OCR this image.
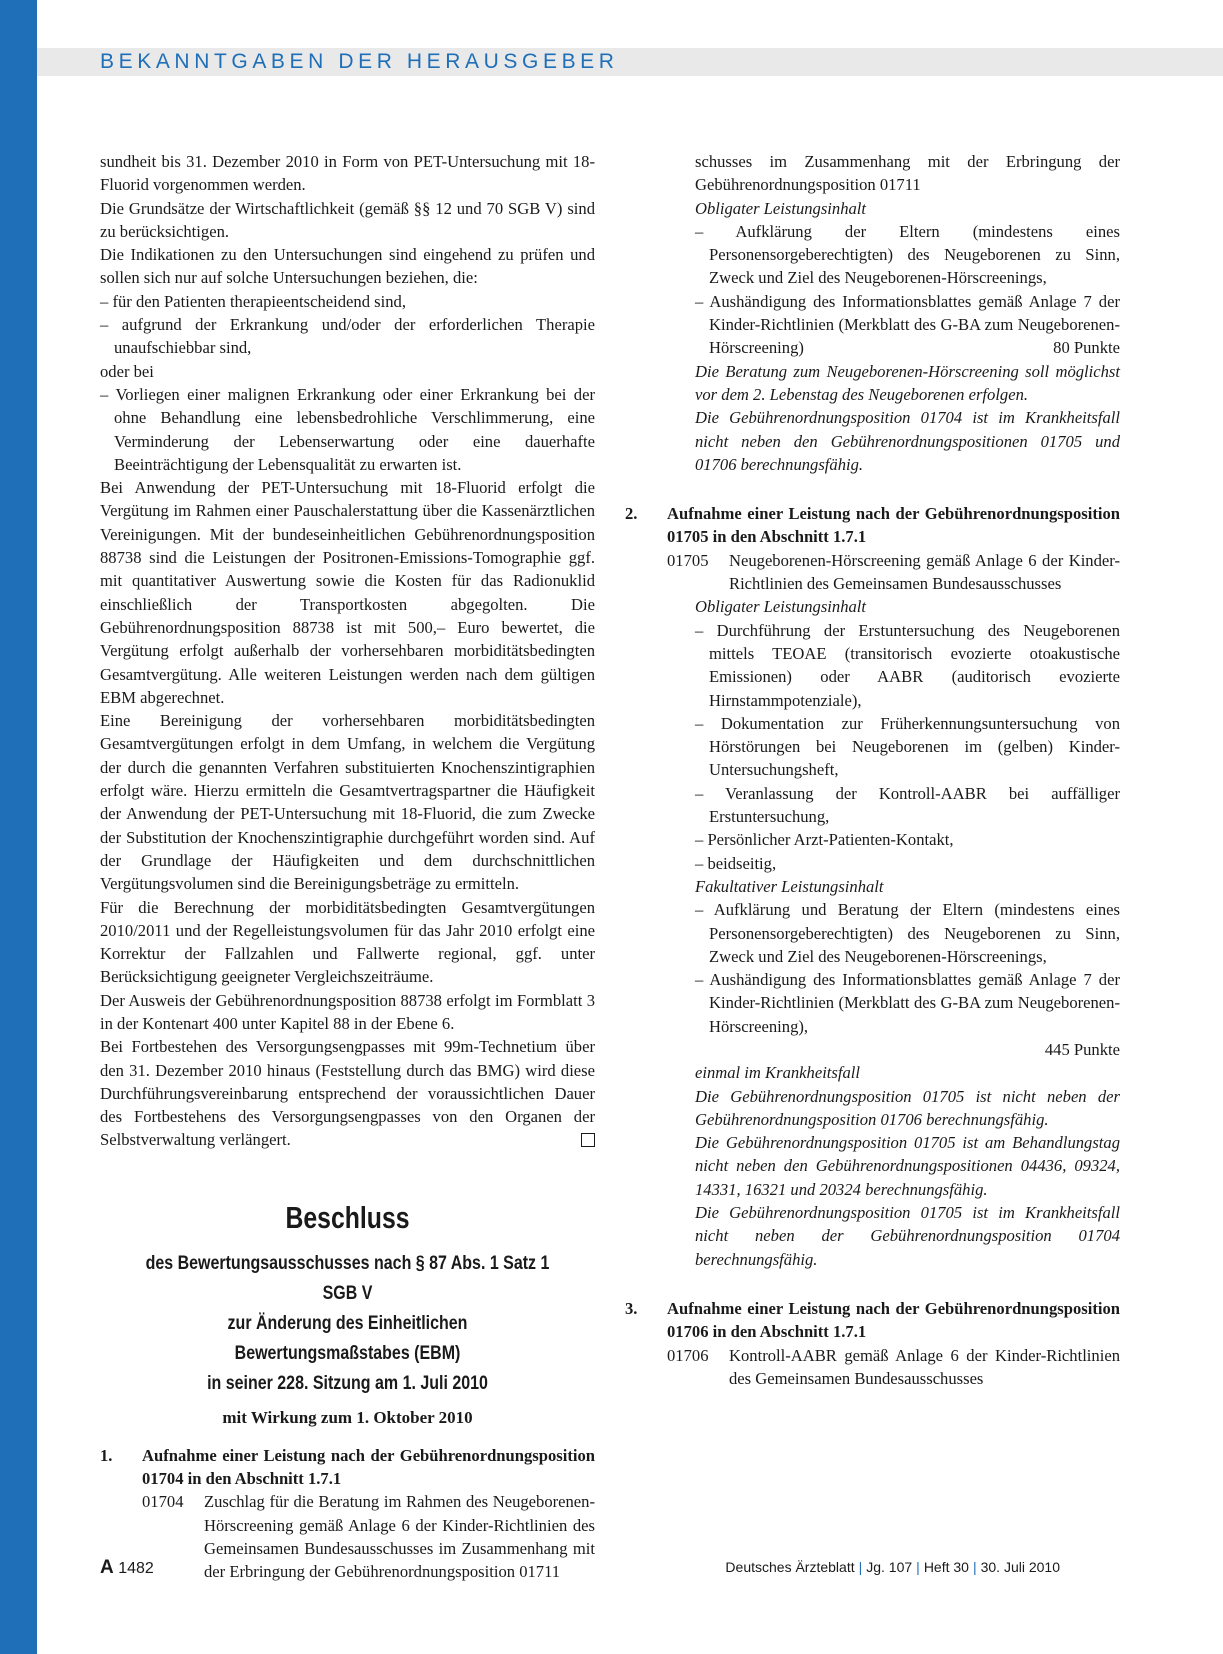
BEKANNTGABEN DER HERAUSGEBER

sundheit bis 31. Dezember 2010 in Form von PET-Untersuchung mit 18-Fluorid vorgenommen werden.

Die Grundsätze der Wirtschaftlichkeit (gemäß §§ 12 und 70 SGB V) sind zu berücksichtigen.

Die Indikationen zu den Untersuchungen sind eingehend zu prüfen und sollen sich nur auf solche Untersuchungen beziehen, die:

– für den Patienten therapieentscheidend sind,

– aufgrund der Erkrankung und/oder der erforderlichen Therapie unaufschiebbar sind,

oder bei

– Vorliegen einer malignen Erkrankung oder einer Erkrankung bei der ohne Behandlung eine lebensbedrohliche Verschlimmerung, eine Verminderung der Lebenserwartung oder eine dauerhafte Beeinträchtigung der Lebensqualität zu erwarten ist.

Bei Anwendung der PET-Untersuchung mit 18-Fluorid erfolgt die Vergütung im Rahmen einer Pauschalerstattung über die Kassenärztlichen Vereinigungen. Mit der bundeseinheitlichen Gebührenordnungsposition 88738 sind die Leistungen der Positronen-Emissions-Tomographie ggf. mit quantitativer Auswertung sowie die Kosten für das Radionuklid einschließlich der Transportkosten abgegolten. Die Gebührenordnungsposition 88738 ist mit 500,– Euro bewertet, die Vergütung erfolgt außerhalb der vorhersehbaren morbiditätsbedingten Gesamtvergütung. Alle weiteren Leistungen werden nach dem gültigen EBM abgerechnet.

Eine Bereinigung der vorhersehbaren morbiditätsbedingten Gesamtvergütungen erfolgt in dem Umfang, in welchem die Vergütung der durch die genannten Verfahren substituierten Knochenszintigraphien erfolgt wäre. Hierzu ermitteln die Gesamtvertragspartner die Häufigkeit der Anwendung der PET-Untersuchung mit 18-Fluorid, die zum Zwecke der Substitution der Knochenszintigraphie durchgeführt worden sind. Auf der Grundlage der Häufigkeiten und dem durchschnittlichen Vergütungsvolumen sind die Bereinigungsbeträge zu ermitteln.

Für die Berechnung der morbiditätsbedingten Gesamtvergütungen 2010/2011 und der Regelleistungsvolumen für das Jahr 2010 erfolgt eine Korrektur der Fallzahlen und Fallwerte regional, ggf. unter Berücksichtigung geeigneter Vergleichszeiträume.

Der Ausweis der Gebührenordnungsposition 88738 erfolgt im Formblatt 3 in der Kontenart 400 unter Kapitel 88 in der Ebene 6.

Bei Fortbestehen des Versorgungsengpasses mit 99m-Technetium über den 31. Dezember 2010 hinaus (Feststellung durch das BMG) wird diese Durchführungsvereinbarung entsprechend der voraussichtlichen Dauer des Fortbestehens des Versorgungsengpasses von den Organen der Selbstverwaltung verlängert.

Beschluss
des Bewertungsausschusses nach § 87 Abs. 1 Satz 1 SGB V
zur Änderung des Einheitlichen Bewertungsmaßstabes (EBM)
in seiner 228. Sitzung am 1. Juli 2010
mit Wirkung zum 1. Oktober 2010
1.	Aufnahme einer Leistung nach der Gebührenordnungsposition 01704 in den Abschnitt 1.7.1
01704	Zuschlag für die Beratung im Rahmen des Neugeborenen-Hörscreening gemäß Anlage 6 der Kinder-Richtlinien des Gemeinsamen Bundesausschusses im Zusammenhang mit der Erbringung der Gebührenordnungsposition 01711

schusses im Zusammenhang mit der Erbringung der Gebührenordnungsposition 01711

Obligater Leistungsinhalt

– Aufklärung der Eltern (mindestens eines Personensorgeberechtigten) des Neugeborenen zu Sinn, Zweck und Ziel des Neugeborenen-Hörscreenings,

– Aushändigung des Informationsblattes gemäß Anlage 7 der Kinder-Richtlinien (Merkblatt des G-BA zum Neugeborenen-Hörscreening)	80 Punkte

Die Beratung zum Neugeborenen-Hörscreening soll möglichst vor dem 2. Lebenstag des Neugeborenen erfolgen.

Die Gebührenordnungsposition 01704 ist im Krankheitsfall nicht neben den Gebührenordnungspositionen 01705 und 01706 berechnungsfähig.

2.	Aufnahme einer Leistung nach der Gebührenordnungsposition 01705 in den Abschnitt 1.7.1
01705	Neugeborenen-Hörscreening gemäß Anlage 6 der Kinder-Richtlinien des Gemeinsamen Bundesausschusses

Obligater Leistungsinhalt

– Durchführung der Erstuntersuchung des Neugeborenen mittels TEOAE (transitorisch evozierte otoakustische Emissionen) oder AABR (auditorisch evozierte Hirnstammpotenziale),

– Dokumentation zur Früherkennungsuntersuchung von Hörstörungen bei Neugeborenen im (gelben) Kinder-Untersuchungsheft,

– Veranlassung der Kontroll-AABR bei auffälliger Erstuntersuchung,

– Persönlicher Arzt-Patienten-Kontakt,

– beidseitig,

Fakultativer Leistungsinhalt

– Aufklärung und Beratung der Eltern (mindestens eines Personensorgeberechtigten) des Neugeborenen zu Sinn, Zweck und Ziel des Neugeborenen-Hörscreenings,

– Aushändigung des Informationsblattes gemäß Anlage 7 der Kinder-Richtlinien (Merkblatt des G-BA zum Neugeborenen-Hörscreening),

445 Punkte

einmal im Krankheitsfall

Die Gebührenordnungsposition 01705 ist nicht neben der Gebührenordnungsposition 01706 berechnungsfähig.

Die Gebührenordnungsposition 01705 ist am Behandlungstag nicht neben den Gebührenordnungspositionen 04436, 09324, 14331, 16321 und 20324 berechnungsfähig.

Die Gebührenordnungsposition 01705 ist im Krankheitsfall nicht neben der Gebührenordnungsposition 01704 berechnungsfähig.

3.	Aufnahme einer Leistung nach der Gebührenordnungsposition 01706 in den Abschnitt 1.7.1
01706	Kontroll-AABR gemäß Anlage 6 der Kinder-Richtlinien des Gemeinsamen Bundesausschusses
A 1482	Deutsches Ärzteblatt | Jg. 107 | Heft 30 | 30. Juli 2010
